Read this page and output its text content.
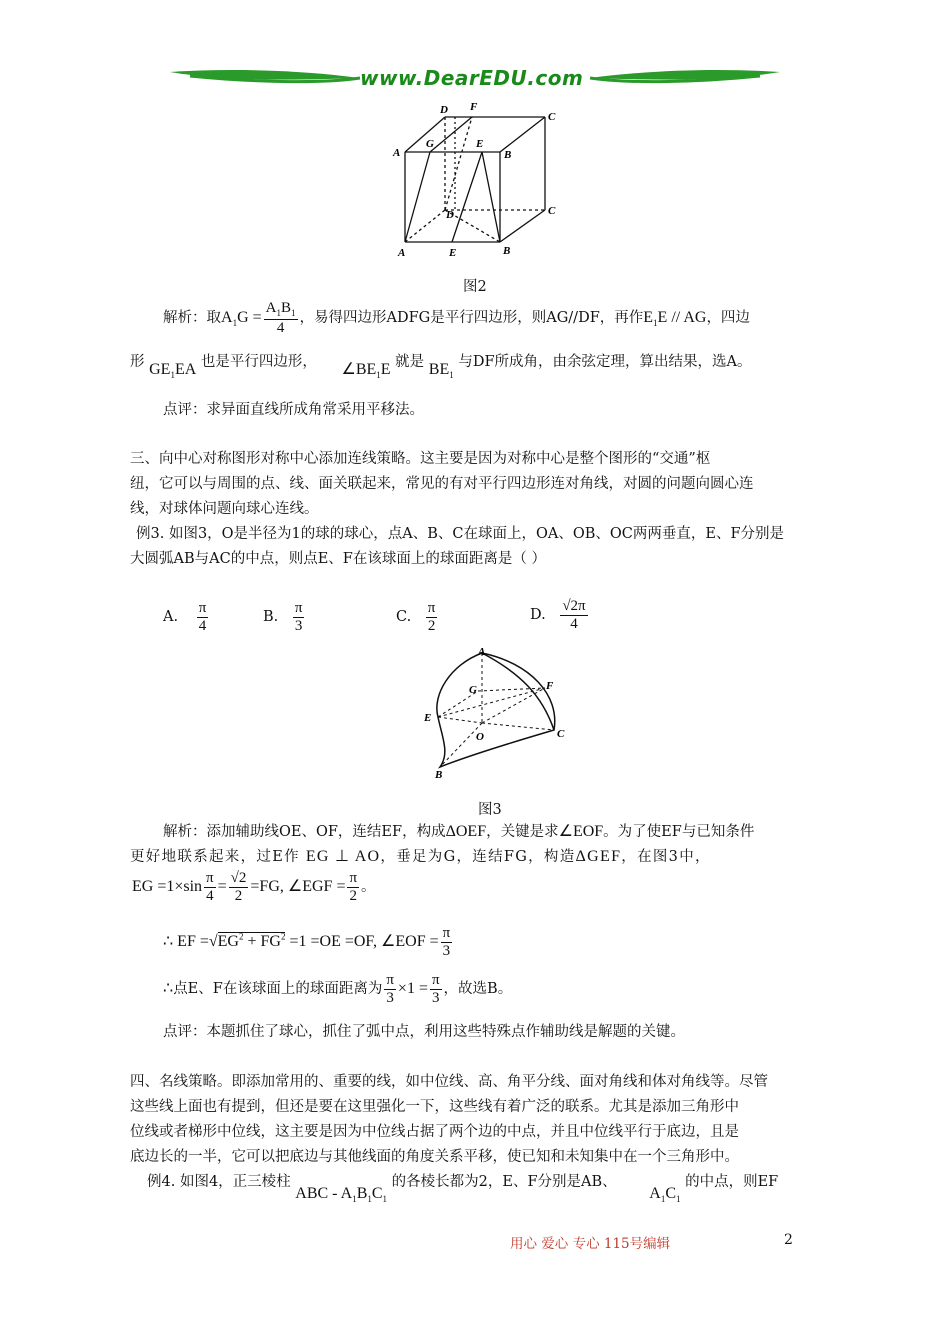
www.DearEDU.com
D F
C
A
G	E
B
D	C
A	E	B
图2
解析：取$A_1G = \frac{A_1B_1}{4}$ ，易得四边形ADFG是平行四边形，则AG//DF，再作$E_1E$ // AG，四边
形 $GE_1EA$ 也是平行四边形， $\angle BE_1E$ 就是 $BE_1$ 与DF所成角，由余弦定理，算出结果，选A。
点评：求异面直线所成角常采用平移法。
三、向中心对称图形对称中心添加连线策略。这主要是因为对称中心是整个图形的“交通”枢
纽，它可以与周围的点、线、面关联起来，常见的有对平行四边形连对角线，对圆的问题向圆心连
线，对球体问题向球心连线。
例3. 如图3，O是半径为1的球的球心，点A、B、C在球面上，OA、OB、OC两两垂直，E、F分别是
大圆弧AB与AC的中点，则点E、F在该球面上的球面距离是（ ）
A. $\frac{\pi}{4}$	B. $\frac{\pi}{3}$	C. $\frac{\pi}{2}$	D. $\frac{√2\pi}{4}$
A
F
G
E
O	C
B
图3
解析：添加辅助线OE、OF，连结EF，构成ΔOEF，关键是求∠EOF。为了使EF与已知条件
更好地联系起来，过E作 EG ⊥ AO，垂足为G，连结FG，构造ΔGEF，在图3中，
EG $=1\times\sin \frac{\pi}{4} = \frac{√2}{2} =FG$, ∠EGF = $\frac{\pi}{2}$ 。
∴ EF $=√EG^2 + FG^2 =1 =OE =OF$, ∠EOF = $\frac{\pi}{3}$
∴点E、F在该球面上的球面距离为 $\frac{\pi}{3} \times 1 = \frac{\pi}{3}$ ，故选B。
点评：本题抓住了球心，抓住了弧中点，利用这些特殊点作辅助线是解题的关键。
四、名线策略。即添加常用的、重要的线，如中位线、高、角平分线、面对角线和体对角线等。尽管
这些线上面也有提到，但还是要在这里强化一下，这些线有着广泛的联系。尤其是添加三角形中
位线或者梯形中位线，这主要是因为中位线占据了两个边的中点，并且中位线平行于底边，且是
底边长的一半，它可以把底边与其他线面的角度关系平移，使已知和未知集中在一个三角形中。
例4. 如图4，正三棱柱 ABC - $A_1B_1C_1$ 的各棱长都为2，E、F分别是AB、 $A_1C_1$ 的中点，则EF
用心 爱心 专心 115号编辑	2
